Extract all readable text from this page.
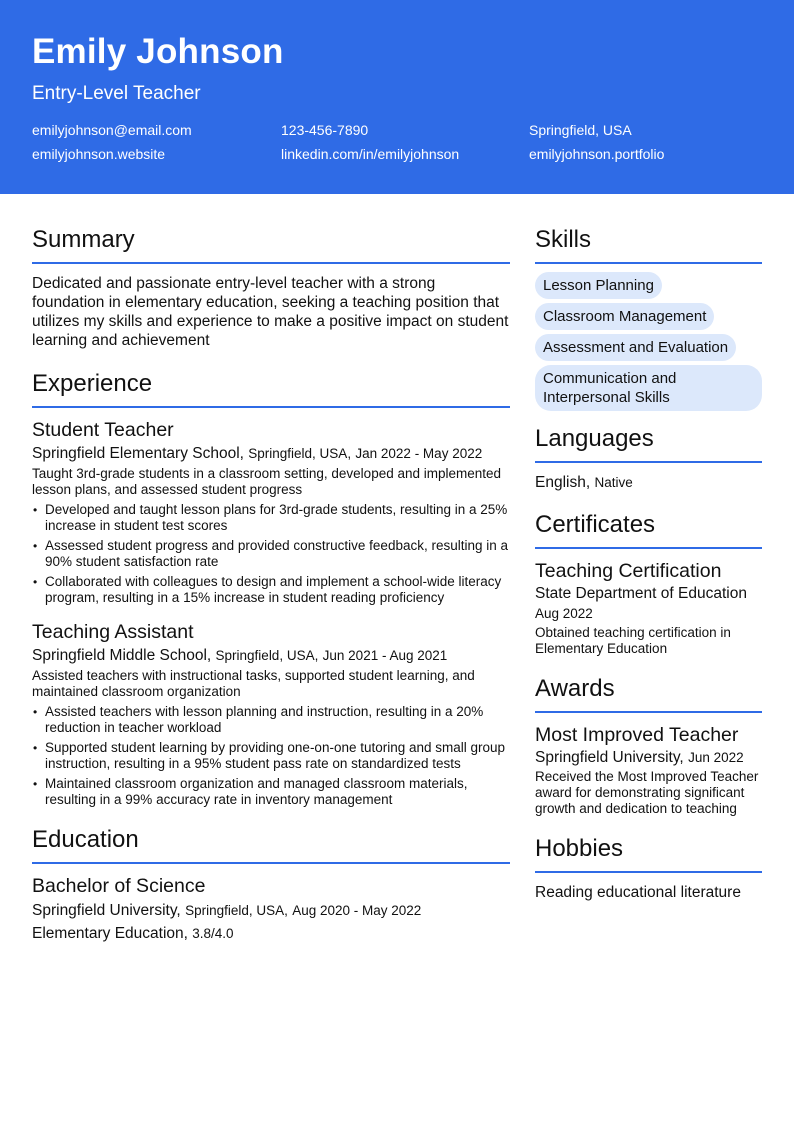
Emily Johnson
Entry-Level Teacher
emilyjohnson@email.com	123-456-7890	Springfield, USA
emilyjohnson.website	linkedin.com/in/emilyjohnson	emilyjohnson.portfolio
Summary
Dedicated and passionate entry-level teacher with a strong foundation in elementary education, seeking a teaching position that utilizes my skills and experience to make a positive impact on student learning and achievement
Experience
Student Teacher
Springfield Elementary School, Springfield, USA, Jan 2022 - May 2022
Taught 3rd-grade students in a classroom setting, developed and implemented lesson plans, and assessed student progress
• Developed and taught lesson plans for 3rd-grade students, resulting in a 25% increase in student test scores
• Assessed student progress and provided constructive feedback, resulting in a 90% student satisfaction rate
• Collaborated with colleagues to design and implement a school-wide literacy program, resulting in a 15% increase in student reading proficiency
Teaching Assistant
Springfield Middle School, Springfield, USA, Jun 2021 - Aug 2021
Assisted teachers with instructional tasks, supported student learning, and maintained classroom organization
• Assisted teachers with lesson planning and instruction, resulting in a 20% reduction in teacher workload
• Supported student learning by providing one-on-one tutoring and small group instruction, resulting in a 95% student pass rate on standardized tests
• Maintained classroom organization and managed classroom materials, resulting in a 99% accuracy rate in inventory management
Education
Bachelor of Science
Springfield University, Springfield, USA, Aug 2020 - May 2022
Elementary Education, 3.8/4.0
Skills
Lesson Planning
Classroom Management
Assessment and Evaluation
Communication and Interpersonal Skills
Languages
English, Native
Certificates
Teaching Certification
State Department of Education
Aug 2022
Obtained teaching certification in Elementary Education
Awards
Most Improved Teacher
Springfield University, Jun 2022
Received the Most Improved Teacher award for demonstrating significant growth and dedication to teaching
Hobbies
Reading educational literature
